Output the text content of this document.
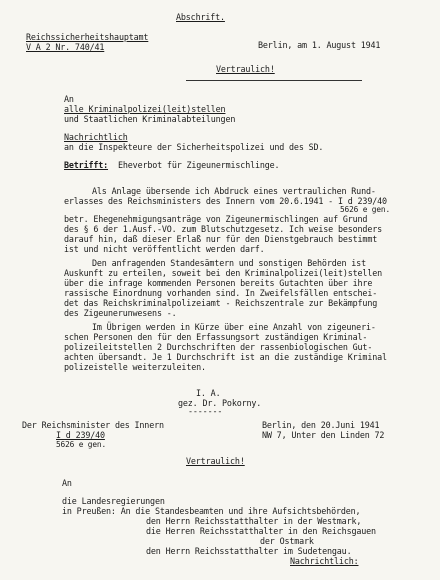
Abschrift.
Reichssicherheitshauptamt
V A 2 Nr. 740/41	Berlin, am 1. August 1941
Vertraulich!
An
alle Kriminalpolizei(leit)stellen
und Staatlichen Kriminalabteilungen
Nachrichtlich
an die Inspekteure der Sicherheitspolizei und des SD.
Betrifft: Eheverbot für Zigeunermischlinge.
Als Anlage übersende ich Abdruck eines vertraulichen Rund-
erlasses des Reichsministers des Innern vom 20.6.1941 - I d 239/40
5626 e gen.
betr. Ehegenehmigungsanträge von Zigeunermischlingen auf Grund
des § 6 der 1.Ausf.-VO. zum Blutschutzgesetz. Ich weise besonders
darauf hin, daß dieser Erlaß nur für den Dienstgebrauch bestimmt
ist und nicht veröffentlicht werden darf.
Den anfragenden Standesämtern und sonstigen Behörden ist
Auskunft zu erteilen, soweit bei den Kriminalpolizei(leit)stellen
über die infrage kommenden Personen bereits Gutachten über ihre
rassische Einordnung vorhanden sind. In Zweifelsfällen entschei-
det das Reichskriminalpolizeiamt - Reichszentrale zur Bekämpfung
des Zigeunerunwesens -.
Im Übrigen werden in Kürze über eine Anzahl von zigeuneri-
schen Personen den für den Erfassungsort zuständigen Kriminal-
polizeileitstellen 2 Durchschriften der rassenbiologischen Gut-
achten übersandt. Je 1 Durchschrift ist an die zuständige Kriminal
polizeistelle weiterzuleiten.
I. A.
gez. Dr. Pokorny.
-------
Der Reichsminister des Innern
I d 239/40
5626 e gen.
Berlin, den 20.Juni 1941
NW 7, Unter den Linden 72
Vertraulich!
An
die Landesregierungen
in Preußen: An die Standesbeamten und ihre Aufsichtsbehörden,
den Herrn Reichsstatthalter in der Westmark,
die Herren Reichsstatthalter in den Reichsgauen
der Ostmark
den Herrn Reichsstatthalter im Sudetengau.
Nachrichtlich:
